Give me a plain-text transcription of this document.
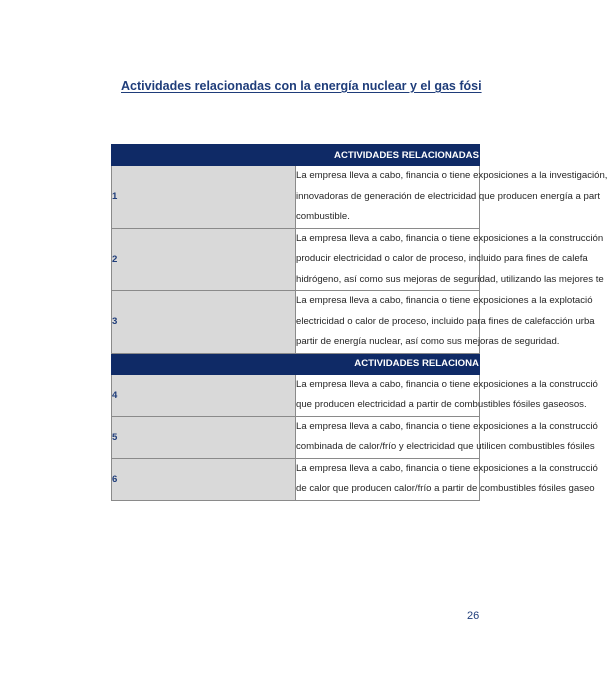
Actividades relacionadas con la energía nuclear y el gas fósi
ACTIVIDADES RELACIONADAS	
1	La empresa lleva a cabo, financia o tiene exposiciones a la investigación,
innovadoras de generación de electricidad que producen energía a part
combustible.

2	La empresa lleva a cabo, financia o tiene exposiciones a la construcción
producir electricidad o calor de proceso, incluido para fines de calefa
hidrógeno, así como sus mejoras de seguridad, utilizando las mejores te

3	La empresa lleva a cabo, financia o tiene exposiciones a la explotació
electricidad o calor de proceso, incluido para fines de calefacción urba
partir de energía nuclear, así como sus mejoras de seguridad.

ACTIVIDADES RELACIONA	
4	La empresa lleva a cabo, financia o tiene exposiciones a la construcció
que producen electricidad a partir de combustibles fósiles gaseosos.

5	La empresa lleva a cabo, financia o tiene exposiciones a la construcció
combinada de calor/frío y electricidad que utilicen combustibles fósiles

6	La empresa lleva a cabo, financia o tiene exposiciones a la construcció
de calor que producen calor/frío a partir de combustibles fósiles gaseo
26
